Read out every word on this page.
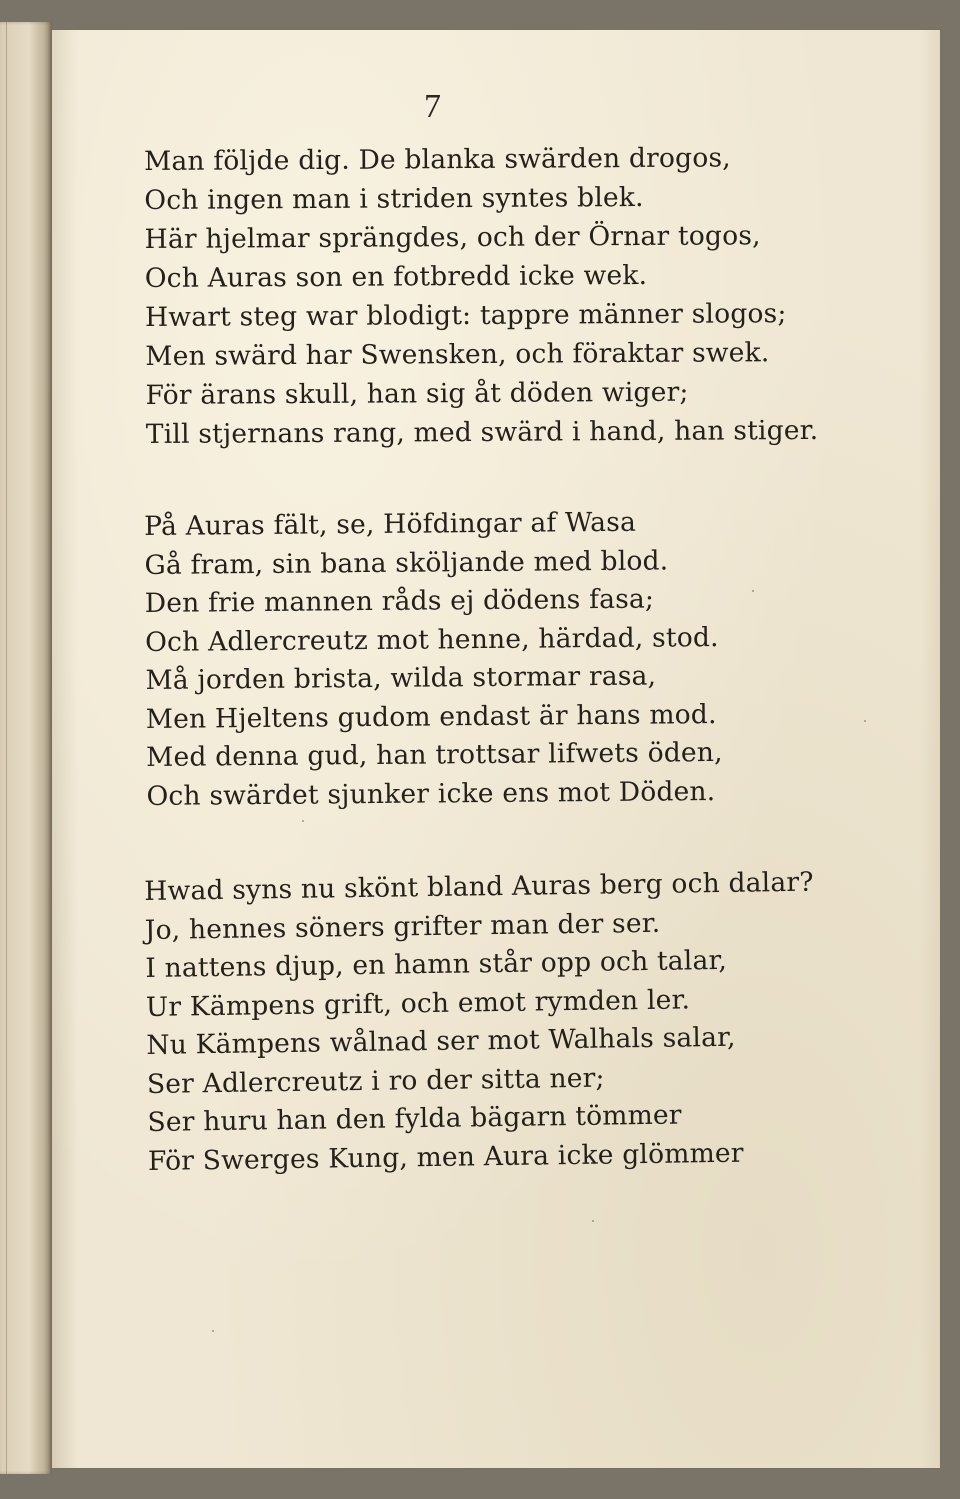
7
Man följde dig. De blanka swärden drogos,
Och ingen man i striden syntes blek.
Här hjelmar sprängdes, och der Örnar togos,
Och Auras son en fotbredd icke wek.
Hwart steg war blodigt: tappre männer slogos;
Men swärd har Swensken, och föraktar swek.
För ärans skull, han sig åt döden wiger;
Till stjernans rang, med swärd i hand, han stiger.
På Auras fält, se, Höfdingar af Wasa
Gå fram, sin bana sköljande med blod.
Den frie mannen råds ej dödens fasa;
Och Adlercreutz mot henne, härdad, stod.
Må jorden brista, wilda stormar rasa,
Men Hjeltens gudom endast är hans mod.
Med denna gud, han trottsar lifwets öden,
Och swärdet sjunker icke ens mot Döden.
Hwad syns nu skönt bland Auras berg och dalar?
Jo, hennes söners grifter man der ser.
I nattens djup, en hamn står opp och talar,
Ur Kämpens grift, och emot rymden ler.
Nu Kämpens wålnad ser mot Walhals salar,
Ser Adlercreutz i ro der sitta ner;
Ser huru han den fylda bägarn tömmer
För Swerges Kung, men Aura icke glömmer
